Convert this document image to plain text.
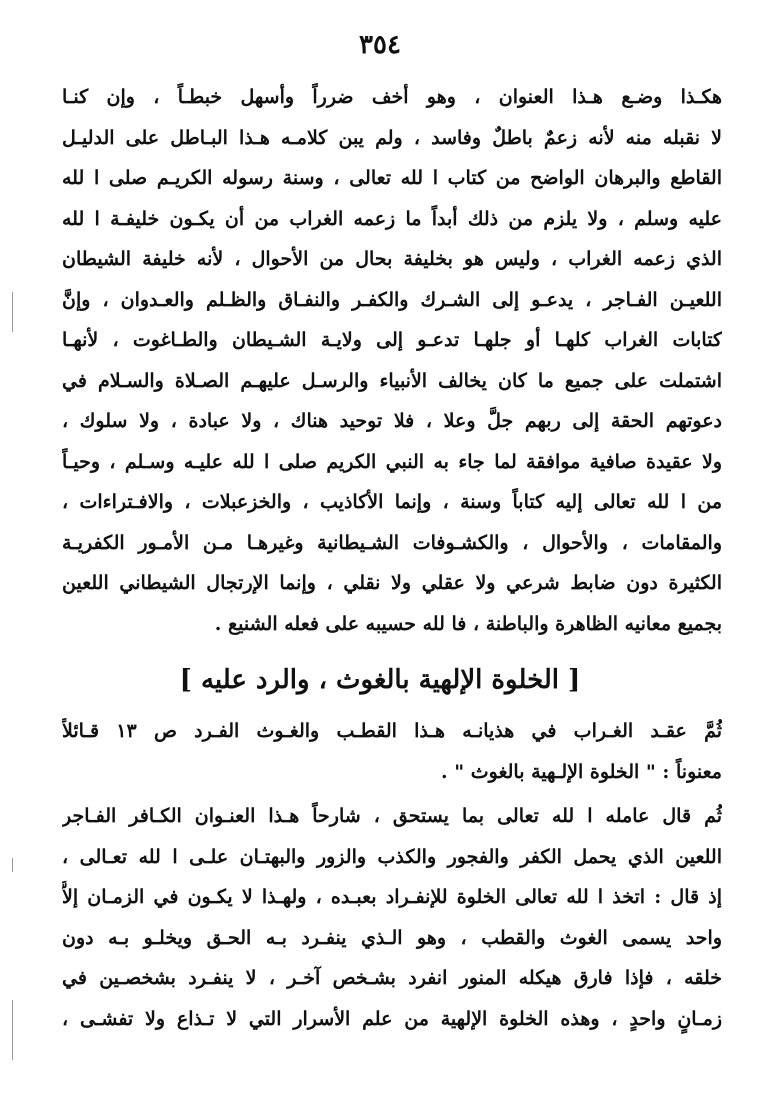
٣٥٤
هكـذا وضـع هـذا العنوان ، وهو أخف ضرراً وأسهل خبطـاً ، وإن كنـا
لا نقبله منه لأنه زعمٌ باطلٌ وفاسد ، ولم يبن كلامـه هـذا البـاطل على الدليـل
القاطع والبرهان الواضح من كتاب ا لله تعالى ، وسنة رسوله الكريـم صلى ا لله
عليه وسلم ، ولا يلزم من ذلك أبداً ما زعمه الغراب من أن يكـون خليفـة ا لله
الذي زعمه الغراب ، وليس هو بخليفة بحال من الأحوال ، لأنه خليفة الشيطان
اللعيـن الفـاجر ، يدعـو إلى الشـرك والكفـر والنفـاق والظـلم والعـدوان ، وإنَّ
كتابات الغراب كلهـا أو جلهـا تدعـو إلى ولايـة الشـيطان والطـاغوت ، لأنهـا
اشتملت على جميع ما كان يخالف الأنبياء والرسـل عليهـم الصـلاة والسـلام في
دعوتهم الحقة إلى ربهم جلَّ وعلا ، فلا توحيد هناك ، ولا عبادة ، ولا سلوك ،
ولا عقيدة صافية موافقة لما جاء به النبي الكريم صلى ا لله عليـه وسـلم ، وحيـاً
من ا لله تعالى إليه كتاباً وسنة ، وإنما الأكاذيب ، والخزعبلات ، والافـتراءات ،
والمقامات ، والأحوال ، والكشـوفات الشـيطانية وغيرهـا مـن الأمـور الكفريـة
الكثيرة دون ضابط شرعي ولا عقلي ولا نقلي ، وإنما الإرتجال الشيطاني اللعين
بجميع معانيه الظاهرة والباطنة ، فا لله حسيبه على فعله الشنيع .
[ الخلوة الإلهية بالغوث ، والرد عليه ]
ثُمَّ عقـد الغـراب في هذيانـه هـذا القطـب والغـوث الفـرد ص ١٣ قـائلاً
معنوناً : " الخلوة الإلـهية بالغوث " .
ثُم قال عامله ا لله تعالى بما يستحق ، شارحاً هـذا العنـوان الكـافر الفـاجر
اللعين الذي يحمل الكفر والفجور والكذب والزور والبهتـان علـى ا لله تعـالى ،
إذ قال : اتخذ ا لله تعالى الخلوة للإنفـراد بعبـده ، ولهـذا لا يكـون في الزمـان إلاَّ
واحد يسمى الغوث والقطب ، وهو الـذي ينفـرد بـه الحـق ويخلـو بـه دون
خلقه ، فإذا فارق هيكله المنور انفرد بشـخص آخـر ، لا ينفـرد بشخصـين في
زمـانٍ واحدٍ ، وهذه الخلوة الإلهية من علم الأسرار التي لا تـذاع ولا تفشـى ،
